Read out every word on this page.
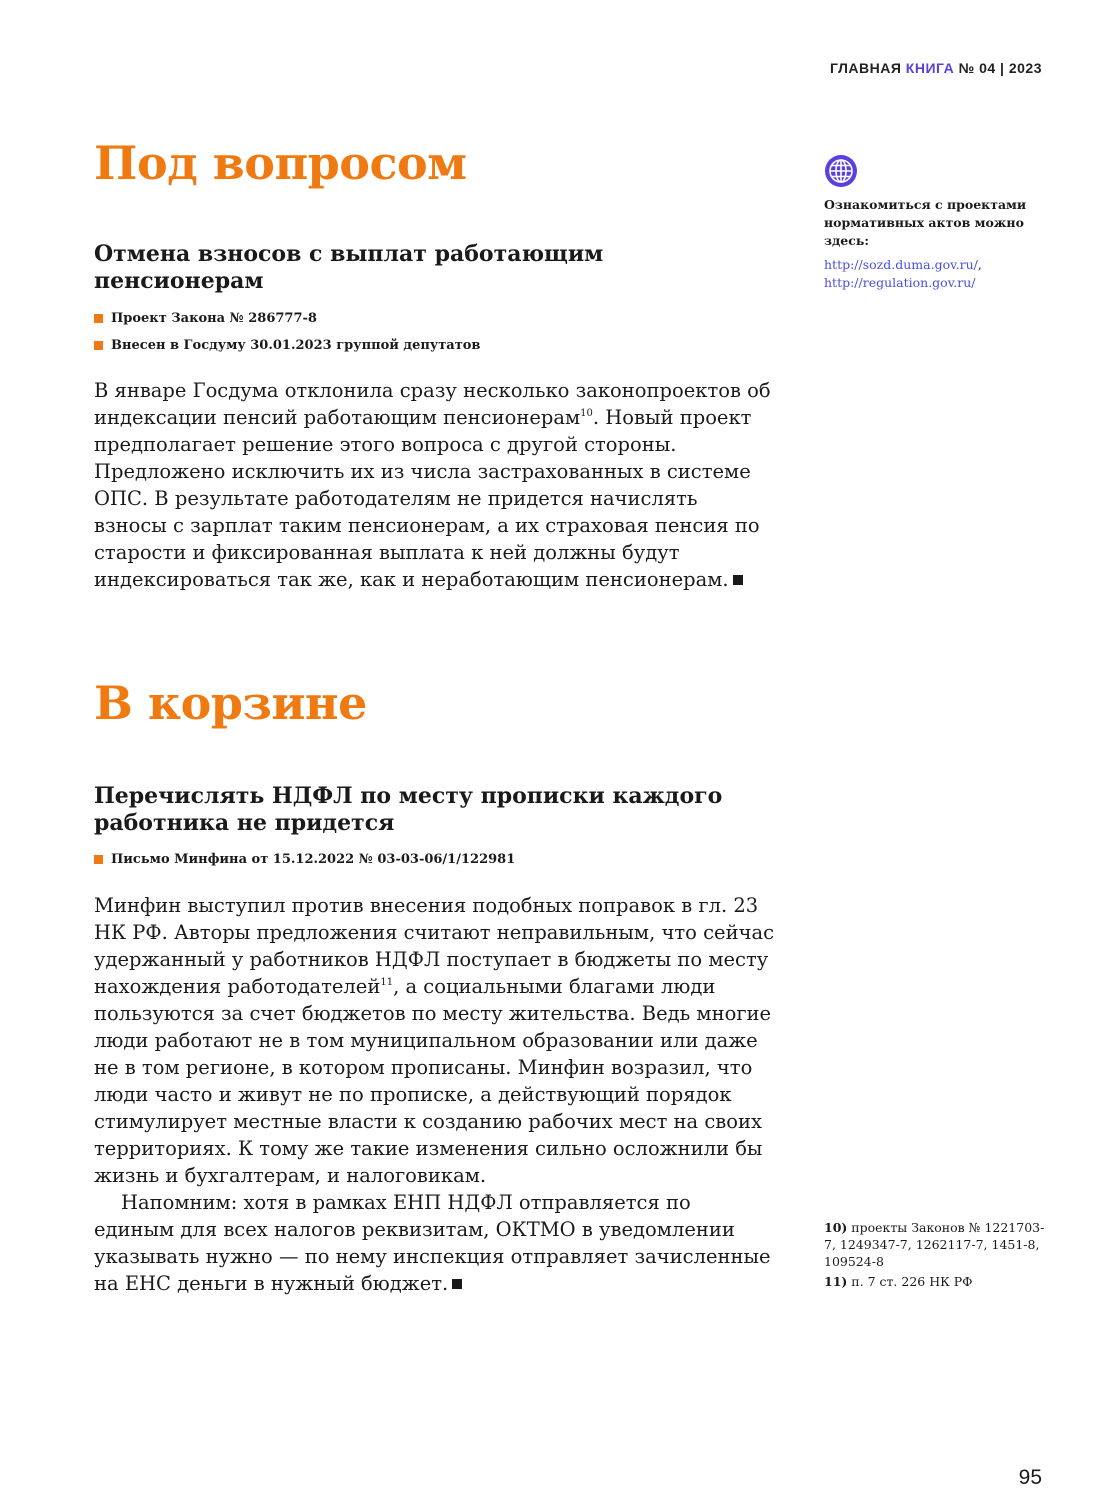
ГЛАВНАЯ КНИГА № 04 | 2023
Под вопросом
Отмена взносов с выплат работающим пенсионерам
Проект Закона № 286777-8
Внесен в Госдуму 30.01.2023 группой депутатов

В январе Госдума отклонила сразу несколько законопроектов об индексации пенсий работающим пенсионерам$^{10}$. Новый проект предполагает решение этого вопроса с другой стороны. Предложено исключить их из числа застрахованных в системе ОПС. В результате работодателям не придется начислять взносы с зарплат таким пенсионерам, а их страховая пенсия по старости и фиксированная выплата к ней должны будут индексироваться так же, как и неработающим пенсионерам.

В корзине
Перечислять НДФЛ по месту прописки каждого работника не придется
Письмо Минфина от 15.12.2022 № 03-03-06/1/122981

Минфин выступил против внесения подобных поправок в гл. 23 НК РФ. Авторы предложения считают неправильным, что сейчас удержанный у работников НДФЛ поступает в бюджеты по месту нахождения работодателей$^{11}$, а социальными благами люди пользуются за счет бюджетов по месту жительства. Ведь многие люди работают не в том муниципальном образовании или даже не в том регионе, в котором прописаны. Минфин возразил, что люди часто и живут не по прописке, а действующий порядок стимулирует местные власти к созданию рабочих мест на своих территориях. К тому же такие изменения сильно осложнили бы жизнь и бухгалтерам, и налоговикам.

Напомним: хотя в рамках ЕНП НДФЛ отправляется по единым для всех налогов реквизитам, ОКТМО в уведомлении указывать нужно — по нему инспекция отправляет зачисленные на ЕНС деньги в нужный бюджет.

Ознакомиться с проектами нормативных актов можно здесь:
http://sozd.duma.gov.ru/,
http://regulation.gov.ru/
10) проекты Законов № 1221703-7, 1249347-7, 1262117-7, 1451-8, 109524-8
11) п. 7 ст. 226 НК РФ
95
